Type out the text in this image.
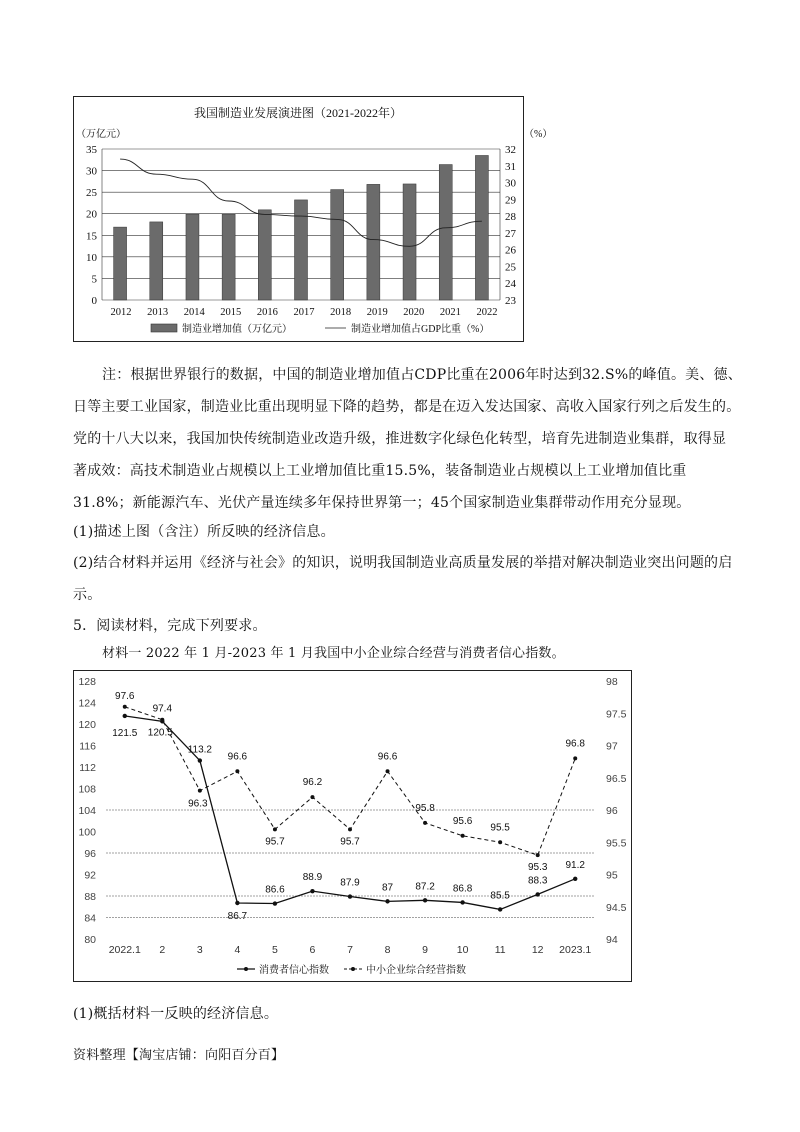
我国制造业发展演进图（2021-2022年）
（万亿元）	（%）
35
30
25
20
15
10
5
0
32
31
30
29
28
27
26
25
24
23
2012 2013 2014 2015 2016 2017 2018 2019 2020 2021 2022
制造业增加值（万亿元）	制造业增加值占GDP比重（%）
注：根据世界银行的数据，中国的制造业增加值占CDP比重在2006年时达到32.S%的峰值。美、德、
日等主要工业国家，制造业比重出现明显下降的趋势，都是在迈入发达国家、高收入国家行列之后发生的。
党的十八大以来，我国加快传统制造业改造升级，推进数字化绿色化转型，培育先进制造业集群，取得显
著成效：高技术制造业占规模以上工业增加值比重15.5%，装备制造业占规模以上工业增加值比重
31.8%；新能源汽车、光伏产量连续多年保持世界第一；45个国家制造业集群带动作用充分显现。
(1)描述上图（含注）所反映的经济信息。
(2)结合材料并运用《经济与社会》的知识，说明我国制造业高质量发展的举措对解决制造业突出问题的启
示。
5．阅读材料，完成下列要求。
材料一 2022 年 1 月-2023 年 1 月我国中小企业综合经营与消费者信心指数。
128
124
120
116
112
108
104
100
96
92
88
84
80
98
97.5
97
96.5
96
95.5
95
94.5
94
121.5 120.5
113.2
86.7
86.6
88.9 87.9 87 87.2 86.8
85.5
88.3
91.2
97.6
97.4
96.3
96.6
95.7
96.2
95.7
96.6
95.8
95.6
95.5
95.3
96.8
2022.1 2	3	4	5	6	7	8	9	10 11 12 2023.1
消费者信心指数	中小企业综合经营指数
(1)概括材料一反映的经济信息。
资料整理【淘宝店铺：向阳百分百】
